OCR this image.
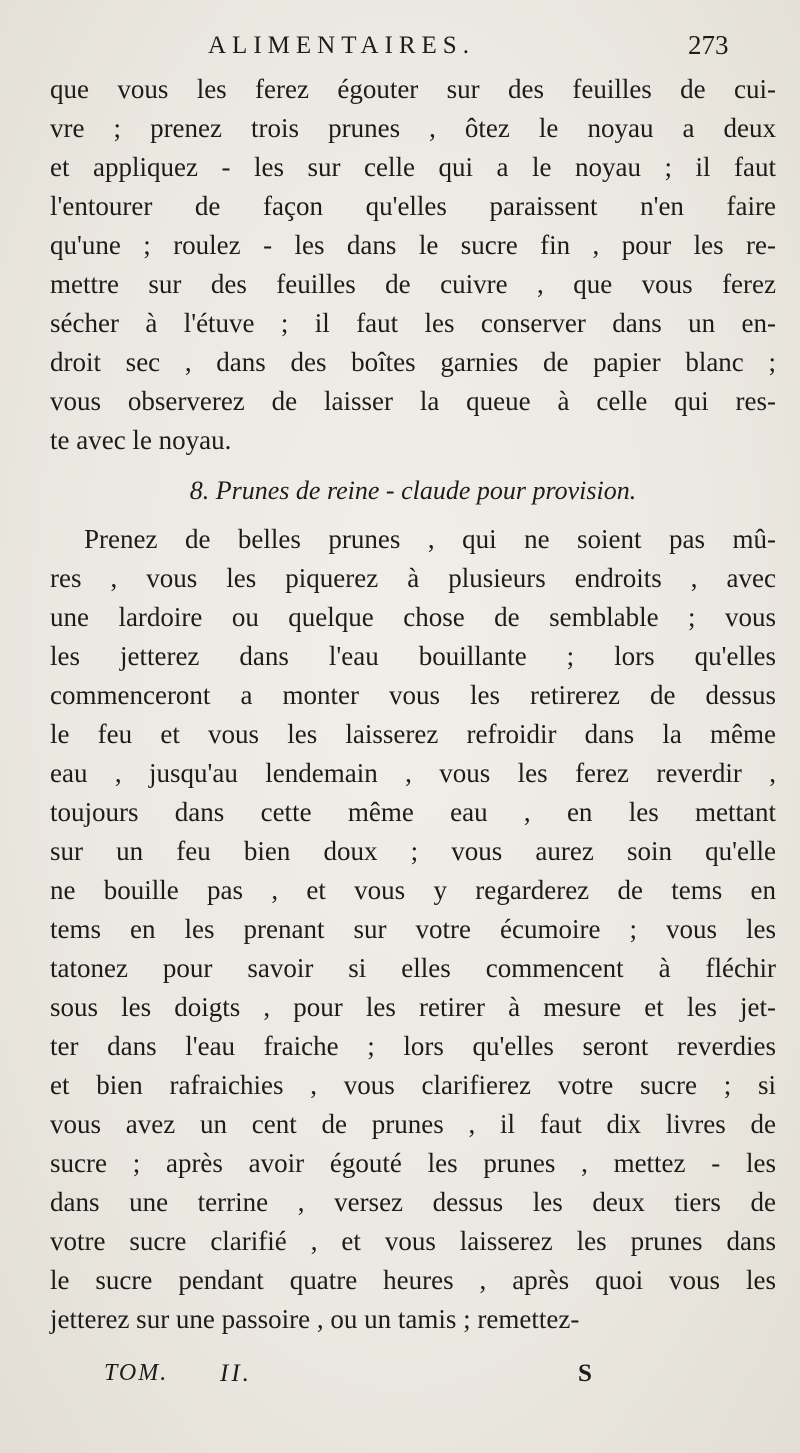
ALIMENTAIRES.	273
que vous les ferez égouter sur des feuilles de cui-
vre ; prenez trois prunes , ôtez le noyau a deux
et appliquez - les sur celle qui a le noyau ; il faut
l'entourer de façon qu'elles paraissent n'en faire
qu'une ; roulez - les dans le sucre fin , pour les re-
mettre sur des feuilles de cuivre , que vous ferez
sécher à l'étuve ; il faut les conserver dans un en-
droit sec , dans des boîtes garnies de papier blanc ;
vous observerez de laisser la queue à celle qui res-
te avec le noyau.
8. Prunes de reine - claude pour provision.
Prenez de belles prunes , qui ne soient pas mû-
res , vous les piquerez à plusieurs endroits , avec
une lardoire ou quelque chose de semblable ; vous
les jetterez dans l'eau bouillante ; lors qu'elles
commenceront a monter vous les retirerez de dessus
le feu et vous les laisserez refroidir dans la même
eau , jusqu'au lendemain , vous les ferez reverdir ,
toujours dans cette même eau , en les mettant
sur un feu bien doux ; vous aurez soin qu'elle
ne bouille pas , et vous y regarderez de tems en
tems en les prenant sur votre écumoire ; vous les
tatonez pour savoir si elles commencent à fléchir
sous les doigts , pour les retirer à mesure et les jet-
ter dans l'eau fraiche ; lors qu'elles seront reverdies
et bien rafraichies , vous clarifierez votre sucre ; si
vous avez un cent de prunes , il faut dix livres de
sucre ; après avoir égouté les prunes , mettez - les
dans une terrine , versez dessus les deux tiers de
votre sucre clarifié , et vous laisserez les prunes dans
le sucre pendant quatre heures , après quoi vous les
jetterez sur une passoire , ou un tamis ; remettez-
TOM. II.	S
